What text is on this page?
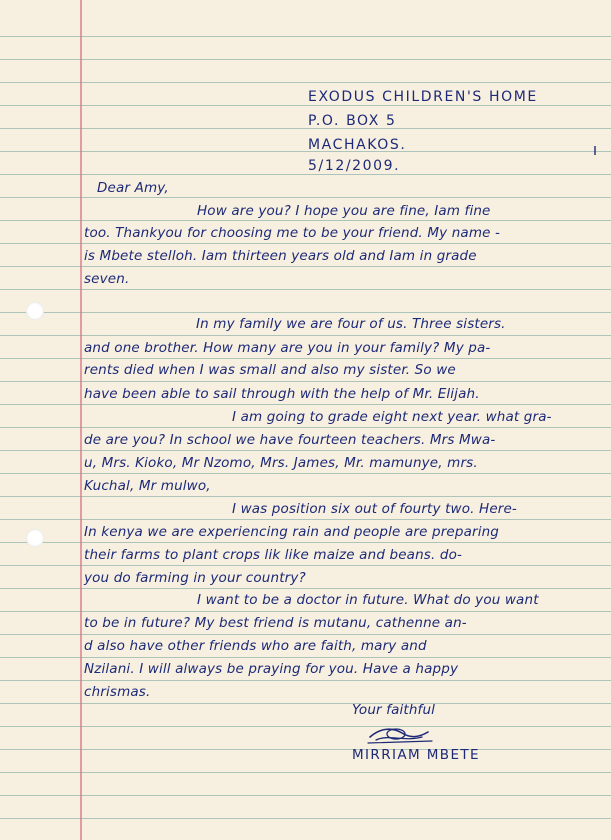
EXODUS CHILDREN'S HOME
P.O. BOX 5
MACHAKOS.
5/12/2009.
Dear Amy,
How are you? I hope you are fine, Iam fine
too. Thankyou for choosing me to be your friend. My name -
is Mbete stelloh. Iam thirteen years old and Iam in grade
seven.
In my family we are four of us. Three sisters.
and one brother. How many are you in your family? My pa-
rents died when I was small and also my sister. So we
have been able to sail through with the help of Mr. Elijah.
I am going to grade eight next year. what gra-
de are you? In school we have fourteen teachers. Mrs Mwa-
u, Mrs. Kioko, Mr Nzomo, Mrs. James, Mr. mamunye, mrs.
Kuchal, Mr mulwo,
I was position six out of fourty two. Here-
In kenya we are experiencing rain and people are preparing
their farms to plant crops lik like maize and beans. do-
you do farming in your country?
I want to be a doctor in future. What do you want
to be in future? My best friend is mutanu, cathenne an-
d also have other friends who are faith, mary and
Nzilani. I will always be praying for you. Have a happy
chrismas.
Your faithful
MIRRIAM MBETE
